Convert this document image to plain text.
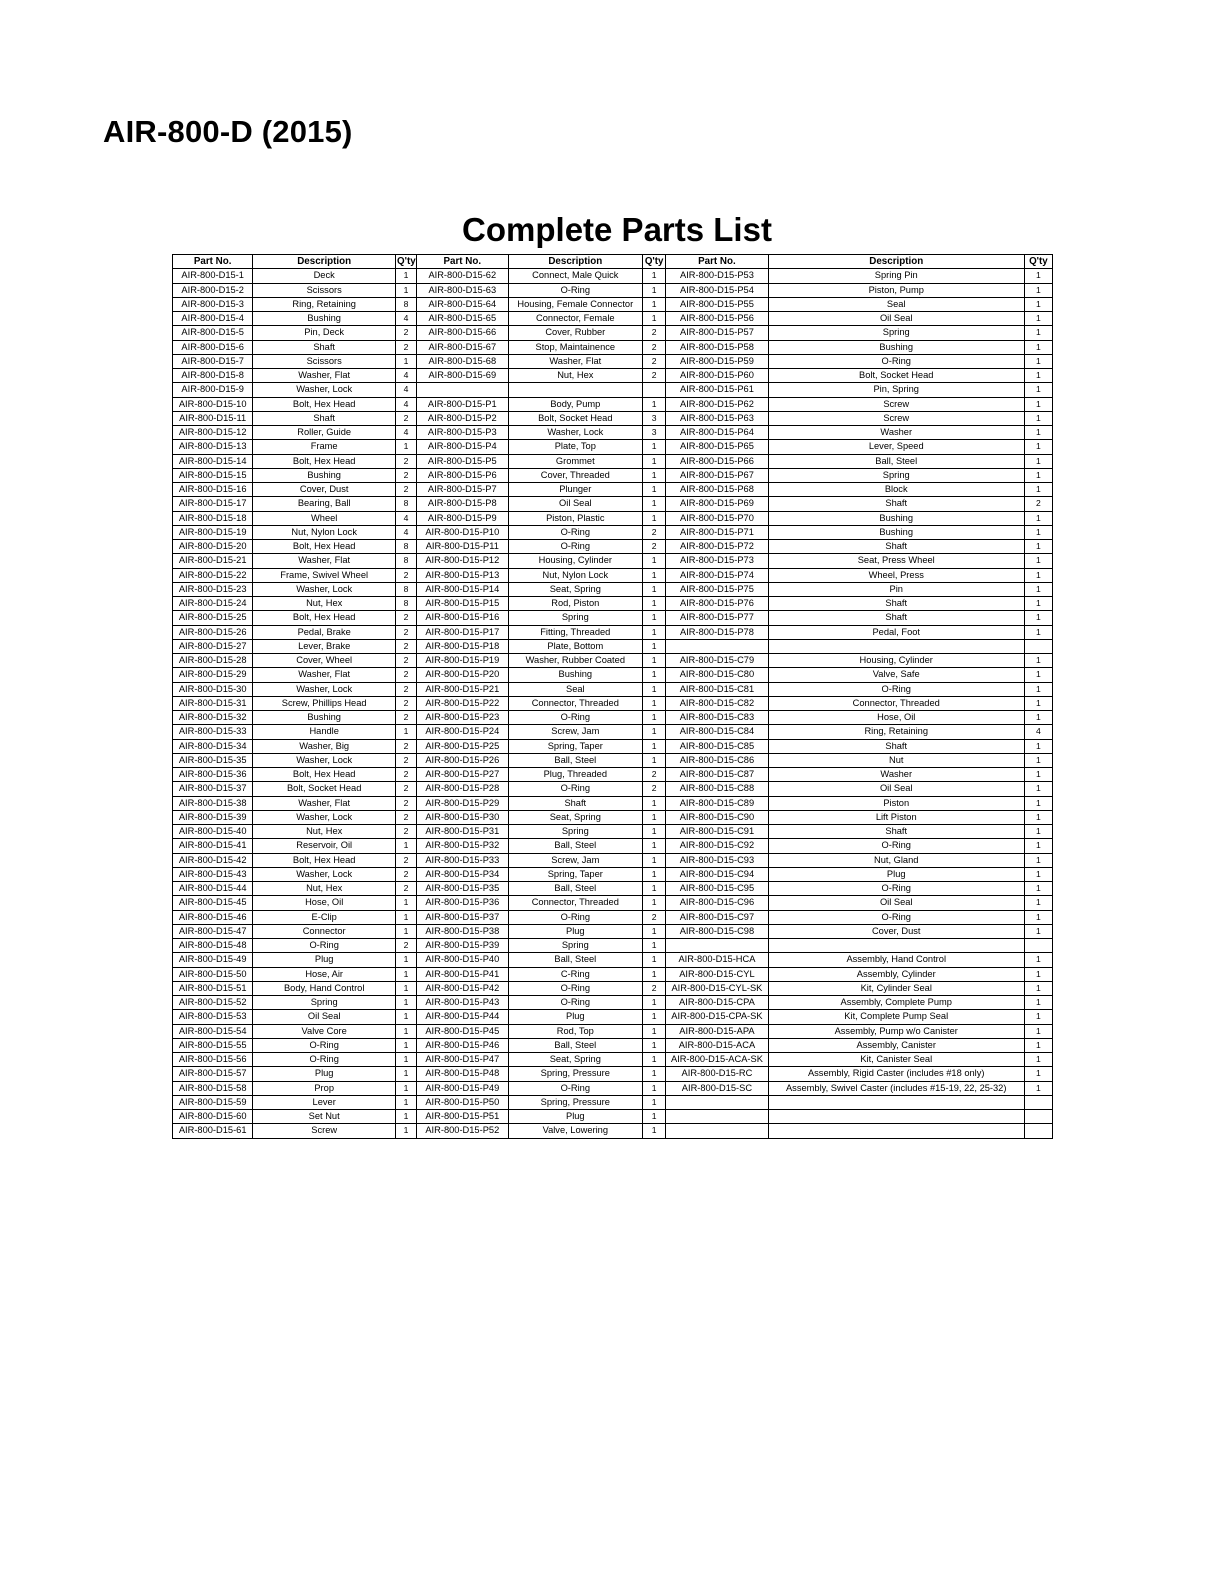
AIR-800-D (2015)
Complete Parts List
Part No.	Description	Q'ty	Part No.	Description	Q'ty	Part No.	Description	Q'ty
AIR-800-D15-1	Deck	1	AIR-800-D15-62	Connect, Male Quick	1	AIR-800-D15-P53	Spring Pin	1
AIR-800-D15-2	Scissors	1	AIR-800-D15-63	O-Ring	1	AIR-800-D15-P54	Piston, Pump	1
AIR-800-D15-3	Ring, Retaining	8	AIR-800-D15-64	Housing, Female Connector	1	AIR-800-D15-P55	Seal	1
AIR-800-D15-4	Bushing	4	AIR-800-D15-65	Connector, Female	1	AIR-800-D15-P56	Oil Seal	1
AIR-800-D15-5	Pin, Deck	2	AIR-800-D15-66	Cover, Rubber	2	AIR-800-D15-P57	Spring	1
AIR-800-D15-6	Shaft	2	AIR-800-D15-67	Stop, Maintainence	2	AIR-800-D15-P58	Bushing	1
AIR-800-D15-7	Scissors	1	AIR-800-D15-68	Washer, Flat	2	AIR-800-D15-P59	O-Ring	1
AIR-800-D15-8	Washer, Flat	4	AIR-800-D15-69	Nut, Hex	2	AIR-800-D15-P60	Bolt, Socket Head	1
AIR-800-D15-9	Washer, Lock	4				AIR-800-D15-P61	Pin, Spring	1
AIR-800-D15-10	Bolt, Hex Head	4	AIR-800-D15-P1	Body, Pump	1	AIR-800-D15-P62	Screw	1
AIR-800-D15-11	Shaft	2	AIR-800-D15-P2	Bolt, Socket Head	3	AIR-800-D15-P63	Screw	1
AIR-800-D15-12	Roller, Guide	4	AIR-800-D15-P3	Washer, Lock	3	AIR-800-D15-P64	Washer	1
AIR-800-D15-13	Frame	1	AIR-800-D15-P4	Plate, Top	1	AIR-800-D15-P65	Lever, Speed	1
AIR-800-D15-14	Bolt, Hex Head	2	AIR-800-D15-P5	Grommet	1	AIR-800-D15-P66	Ball, Steel	1
AIR-800-D15-15	Bushing	2	AIR-800-D15-P6	Cover, Threaded	1	AIR-800-D15-P67	Spring	1
AIR-800-D15-16	Cover, Dust	2	AIR-800-D15-P7	Plunger	1	AIR-800-D15-P68	Block	1
AIR-800-D15-17	Bearing, Ball	8	AIR-800-D15-P8	Oil Seal	1	AIR-800-D15-P69	Shaft	2
AIR-800-D15-18	Wheel	4	AIR-800-D15-P9	Piston, Plastic	1	AIR-800-D15-P70	Bushing	1
AIR-800-D15-19	Nut, Nylon Lock	4	AIR-800-D15-P10	O-Ring	2	AIR-800-D15-P71	Bushing	1
AIR-800-D15-20	Bolt, Hex Head	8	AIR-800-D15-P11	O-Ring	2	AIR-800-D15-P72	Shaft	1
AIR-800-D15-21	Washer, Flat	8	AIR-800-D15-P12	Housing, Cylinder	1	AIR-800-D15-P73	Seat, Press Wheel	1
AIR-800-D15-22	Frame, Swivel Wheel	2	AIR-800-D15-P13	Nut, Nylon Lock	1	AIR-800-D15-P74	Wheel, Press	1
AIR-800-D15-23	Washer, Lock	8	AIR-800-D15-P14	Seat, Spring	1	AIR-800-D15-P75	Pin	1
AIR-800-D15-24	Nut, Hex	8	AIR-800-D15-P15	Rod, Piston	1	AIR-800-D15-P76	Shaft	1
AIR-800-D15-25	Bolt, Hex Head	2	AIR-800-D15-P16	Spring	1	AIR-800-D15-P77	Shaft	1
AIR-800-D15-26	Pedal, Brake	2	AIR-800-D15-P17	Fitting, Threaded	1	AIR-800-D15-P78	Pedal, Foot	1
AIR-800-D15-27	Lever, Brake	2	AIR-800-D15-P18	Plate, Bottom	1			
AIR-800-D15-28	Cover, Wheel	2	AIR-800-D15-P19	Washer, Rubber Coated	1	AIR-800-D15-C79	Housing, Cylinder	1
AIR-800-D15-29	Washer, Flat	2	AIR-800-D15-P20	Bushing	1	AIR-800-D15-C80	Valve, Safe	1
AIR-800-D15-30	Washer, Lock	2	AIR-800-D15-P21	Seal	1	AIR-800-D15-C81	O-Ring	1
AIR-800-D15-31	Screw, Phillips Head	2	AIR-800-D15-P22	Connector, Threaded	1	AIR-800-D15-C82	Connector, Threaded	1
AIR-800-D15-32	Bushing	2	AIR-800-D15-P23	O-Ring	1	AIR-800-D15-C83	Hose, Oil	1
AIR-800-D15-33	Handle	1	AIR-800-D15-P24	Screw, Jam	1	AIR-800-D15-C84	Ring, Retaining	4
AIR-800-D15-34	Washer, Big	2	AIR-800-D15-P25	Spring, Taper	1	AIR-800-D15-C85	Shaft	1
AIR-800-D15-35	Washer, Lock	2	AIR-800-D15-P26	Ball, Steel	1	AIR-800-D15-C86	Nut	1
AIR-800-D15-36	Bolt, Hex Head	2	AIR-800-D15-P27	Plug, Threaded	2	AIR-800-D15-C87	Washer	1
AIR-800-D15-37	Bolt, Socket Head	2	AIR-800-D15-P28	O-Ring	2	AIR-800-D15-C88	Oil Seal	1
AIR-800-D15-38	Washer, Flat	2	AIR-800-D15-P29	Shaft	1	AIR-800-D15-C89	Piston	1
AIR-800-D15-39	Washer, Lock	2	AIR-800-D15-P30	Seat, Spring	1	AIR-800-D15-C90	Lift Piston	1
AIR-800-D15-40	Nut, Hex	2	AIR-800-D15-P31	Spring	1	AIR-800-D15-C91	Shaft	1
AIR-800-D15-41	Reservoir, Oil	1	AIR-800-D15-P32	Ball, Steel	1	AIR-800-D15-C92	O-Ring	1
AIR-800-D15-42	Bolt, Hex Head	2	AIR-800-D15-P33	Screw, Jam	1	AIR-800-D15-C93	Nut, Gland	1
AIR-800-D15-43	Washer, Lock	2	AIR-800-D15-P34	Spring, Taper	1	AIR-800-D15-C94	Plug	1
AIR-800-D15-44	Nut, Hex	2	AIR-800-D15-P35	Ball, Steel	1	AIR-800-D15-C95	O-Ring	1
AIR-800-D15-45	Hose, Oil	1	AIR-800-D15-P36	Connector, Threaded	1	AIR-800-D15-C96	Oil Seal	1
AIR-800-D15-46	E-Clip	1	AIR-800-D15-P37	O-Ring	2	AIR-800-D15-C97	O-Ring	1
AIR-800-D15-47	Connector	1	AIR-800-D15-P38	Plug	1	AIR-800-D15-C98	Cover, Dust	1
AIR-800-D15-48	O-Ring	2	AIR-800-D15-P39	Spring	1			
AIR-800-D15-49	Plug	1	AIR-800-D15-P40	Ball, Steel	1	AIR-800-D15-HCA	Assembly, Hand Control	1
AIR-800-D15-50	Hose, Air	1	AIR-800-D15-P41	C-Ring	1	AIR-800-D15-CYL	Assembly, Cylinder	1
AIR-800-D15-51	Body, Hand Control	1	AIR-800-D15-P42	O-Ring	2	AIR-800-D15-CYL-SK	Kit, Cylinder Seal	1
AIR-800-D15-52	Spring	1	AIR-800-D15-P43	O-Ring	1	AIR-800-D15-CPA	Assembly, Complete Pump	1
AIR-800-D15-53	Oil Seal	1	AIR-800-D15-P44	Plug	1	AIR-800-D15-CPA-SK	Kit, Complete Pump Seal	1
AIR-800-D15-54	Valve Core	1	AIR-800-D15-P45	Rod, Top	1	AIR-800-D15-APA	Assembly, Pump w/o Canister	1
AIR-800-D15-55	O-Ring	1	AIR-800-D15-P46	Ball, Steel	1	AIR-800-D15-ACA	Assembly, Canister	1
AIR-800-D15-56	O-Ring	1	AIR-800-D15-P47	Seat, Spring	1	AIR-800-D15-ACA-SK	Kit, Canister Seal	1
AIR-800-D15-57	Plug	1	AIR-800-D15-P48	Spring, Pressure	1	AIR-800-D15-RC	Assembly, Rigid Caster (includes #18 only)	1
AIR-800-D15-58	Prop	1	AIR-800-D15-P49	O-Ring	1	AIR-800-D15-SC	Assembly, Swivel Caster (includes #15-19, 22, 25-32)	1
AIR-800-D15-59	Lever	1	AIR-800-D15-P50	Spring, Pressure	1			
AIR-800-D15-60	Set Nut	1	AIR-800-D15-P51	Plug	1			
AIR-800-D15-61	Screw	1	AIR-800-D15-P52	Valve, Lowering	1			
